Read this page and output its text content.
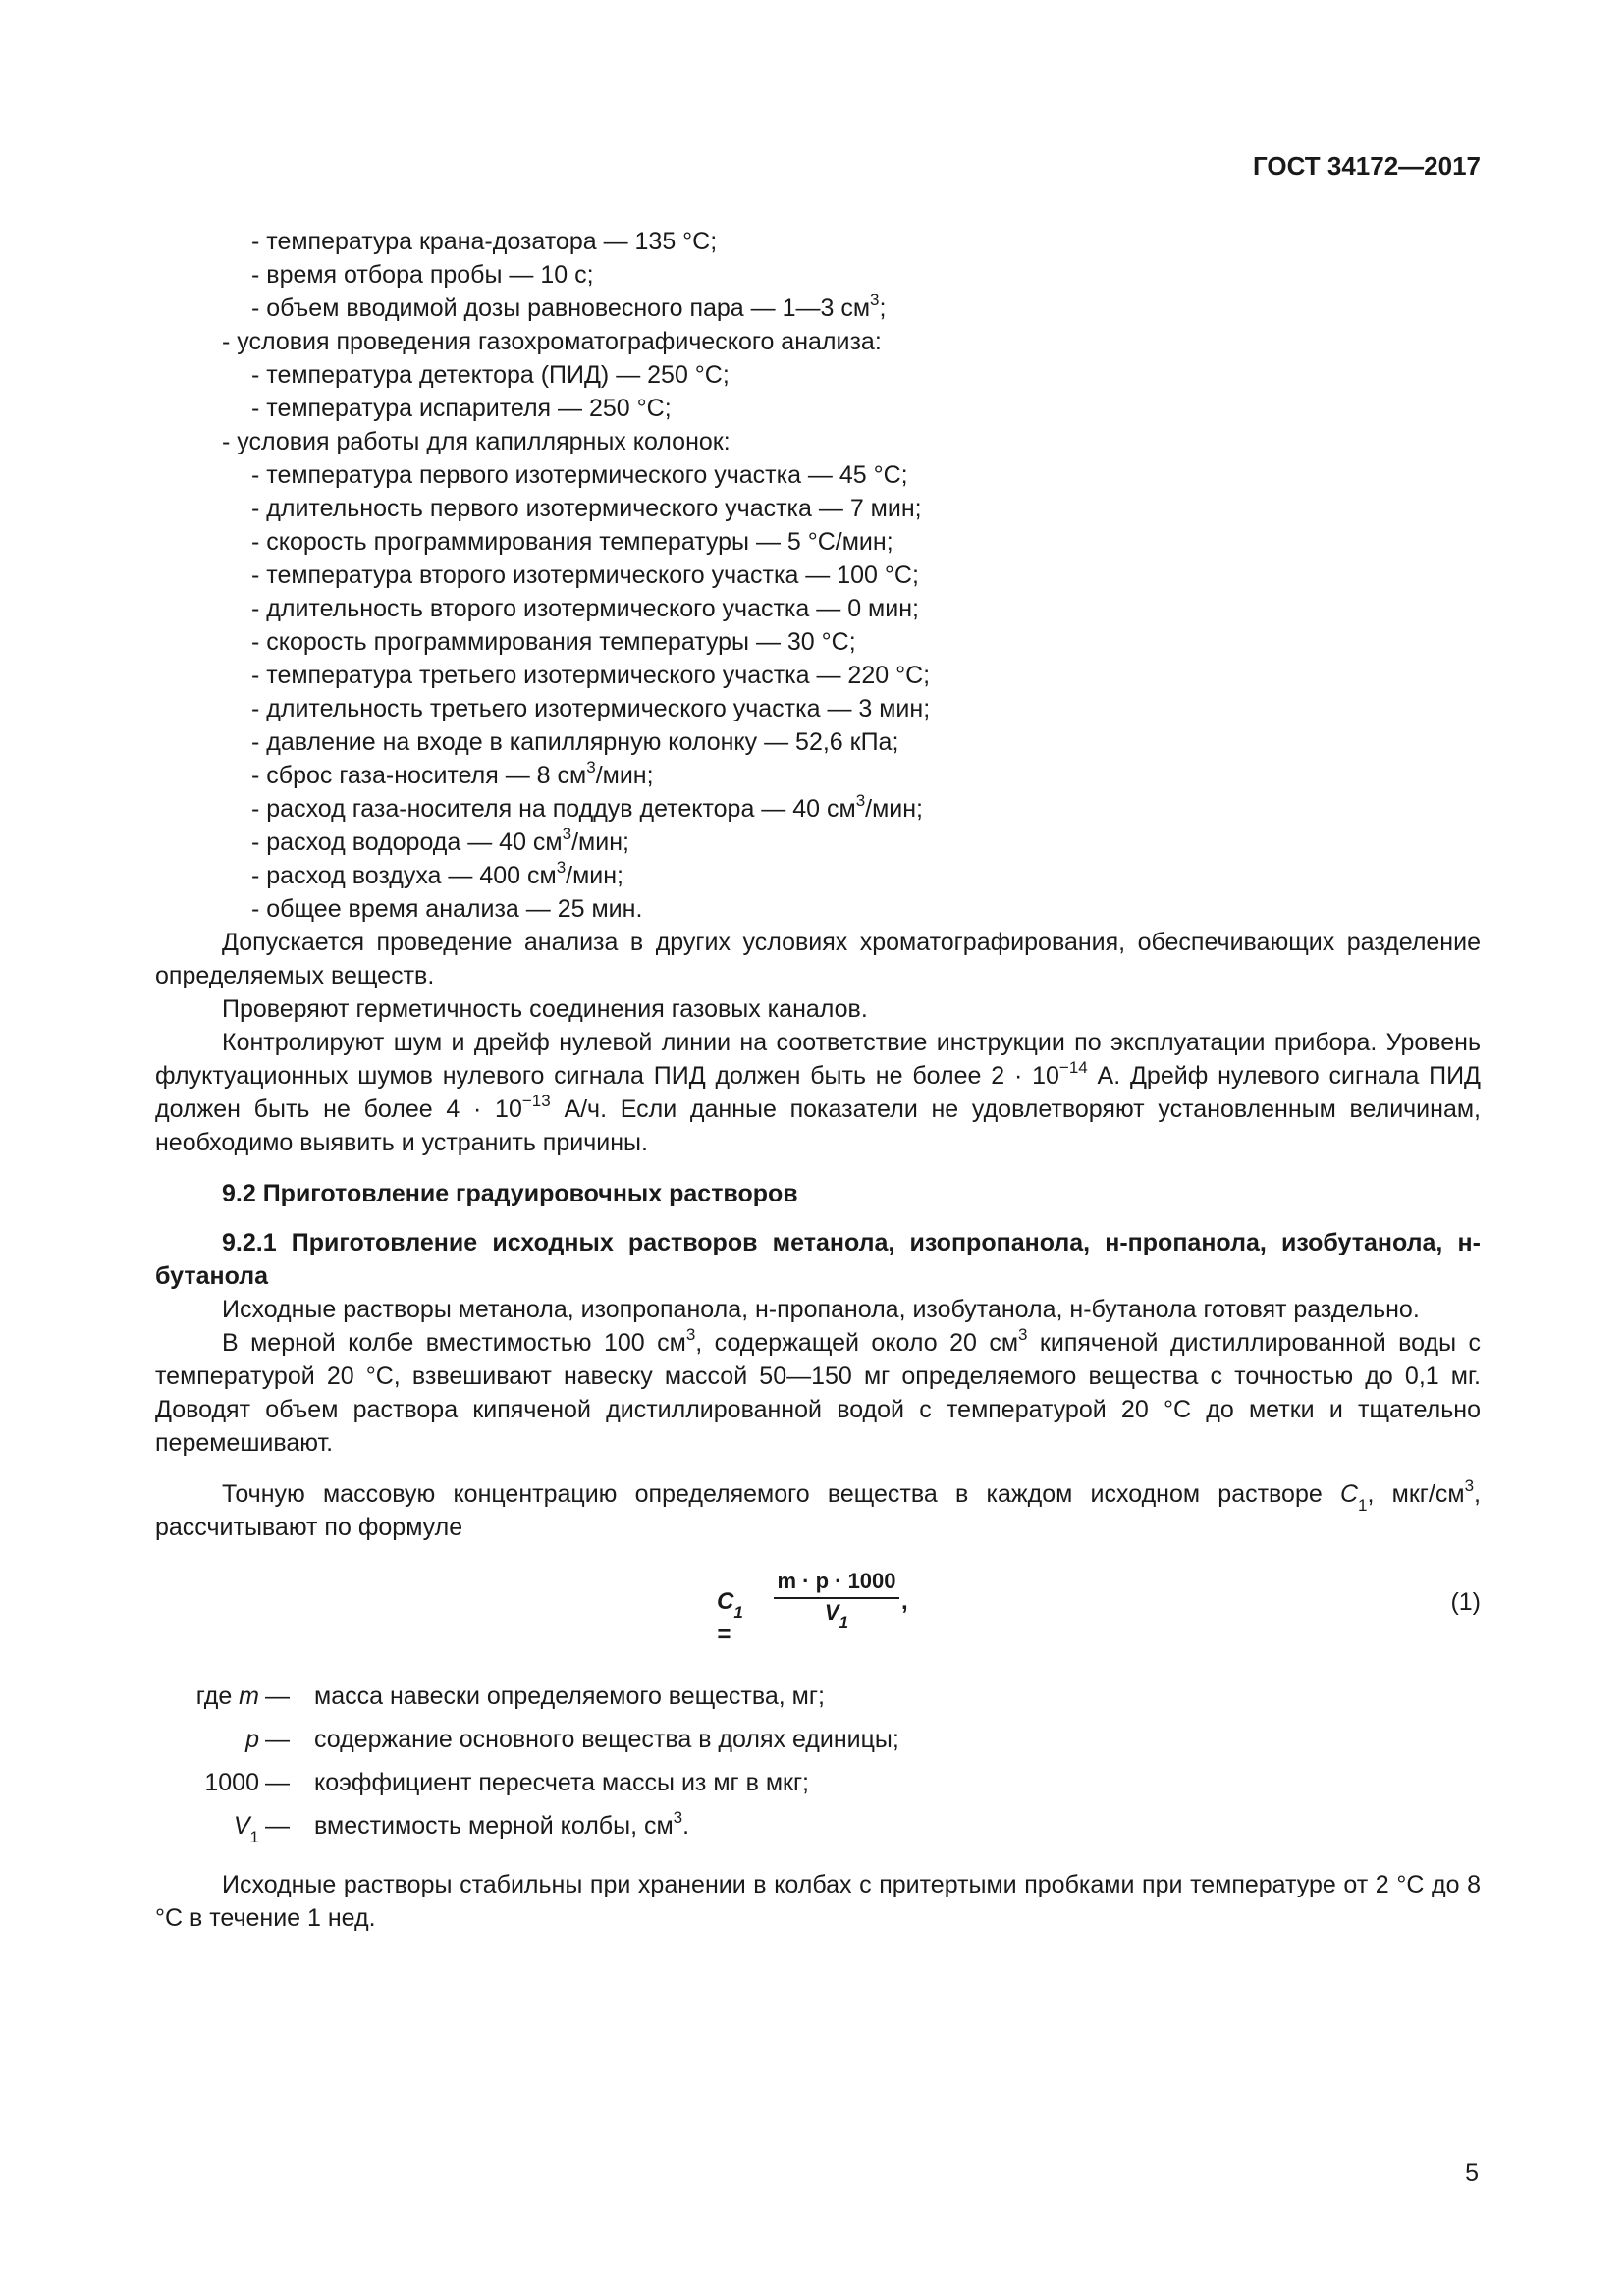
ГОСТ 34172—2017
- температура крана-дозатора — 135 °С;
- время отбора пробы — 10 с;
- объем вводимой дозы равновесного пара — 1—3 $см^3$;
- условия проведения газохроматографического анализа:
- температура детектора (ПИД) — 250 °С;
- температура испарителя — 250 °С;
- условия работы для капиллярных колонок:
- температура первого изотермического участка — 45 °С;
- длительность первого изотермического участка — 7 мин;
- скорость программирования температуры — 5 °С/мин;
- температура второго изотермического участка — 100 °С;
- длительность второго изотермического участка — 0 мин;
- скорость программирования температуры — 30 °С;
- температура третьего изотермического участка — 220 °С;
- длительность третьего изотермического участка — 3 мин;
- давление на входе в капиллярную колонку — 52,6 кПа;
- сброс газа-носителя — 8 $см^3$/мин;
- расход газа-носителя на поддув детектора — 40 $см^3$/мин;
- расход водорода — 40 $см^3$/мин;
- расход воздуха — 400 $см^3$/мин;
- общее время анализа — 25 мин.
Допускается проведение анализа в других условиях хроматографирования, обеспечивающих разделение определяемых веществ.
Проверяют герметичность соединения газовых каналов.
Контролируют шум и дрейф нулевой линии на соответствие инструкции по эксплуатации прибора. Уровень флуктуационных шумов нулевого сигнала ПИД должен быть не более $2 \cdot 10^{-14}$ А. Дрейф нулевого сигнала ПИД должен быть не более $4 \cdot 10^{-13}$ А/ч. Если данные показатели не удовлетворяют установленным величинам, необходимо выявить и устранить причины.
9.2 Приготовление градуировочных растворов
9.2.1 Приготовление исходных растворов метанола, изопропанола, н-пропанола, изобутанола, н-бутанола
Исходные растворы метанола, изопропанола, н-пропанола, изобутанола, н-бутанола готовят раздельно.
В мерной колбе вместимостью 100 $см^3$, содержащей около 20 $см^3$ кипяченой дистиллированной воды с температурой 20 °С, взвешивают навеску массой 50—150 мг определяемого вещества с точностью до 0,1 мг. Доводят объем раствора кипяченой дистиллированной водой с температурой 20 °С до метки и тщательно перемешивают.
Точную массовую концентрацию определяемого вещества в каждом исходном растворе $C_1$, мкг/$см^3$, рассчитывают по формуле
$C_1$ =
$\frac{m \cdot p \cdot 1000}{V_1}$ ,	(1)
где m — масса навески определяемого вещества, мг;
p — содержание основного вещества в долях единицы;
1000 — коэффициент пересчета массы из мг в мкг;
$V_1$ — вместимость мерной колбы, $см^3$.
Исходные растворы стабильны при хранении в колбах с притертыми пробками при температуре от 2 °С до 8 °С в течение 1 нед.
5
